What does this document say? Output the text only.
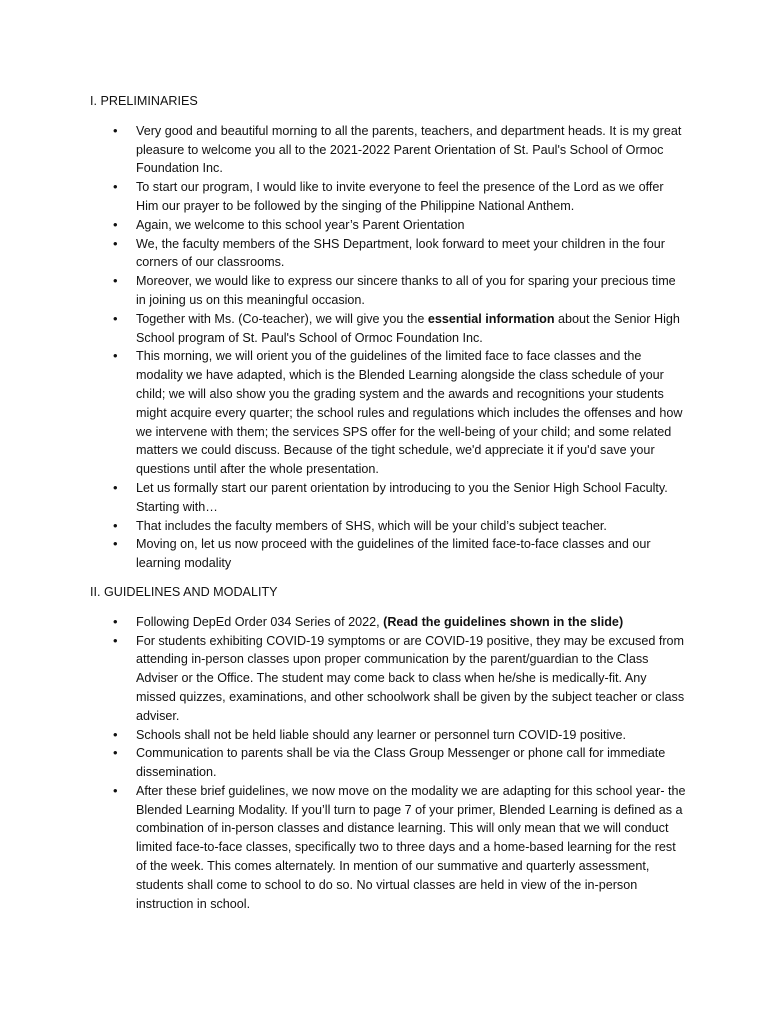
I. PRELIMINARIES
• Very good and beautiful morning to all the parents, teachers, and department heads. It is my great pleasure to welcome you all to the 2021-2022 Parent Orientation of St. Paul's School of Ormoc Foundation Inc.
• To start our program, I would like to invite everyone to feel the presence of the Lord as we offer Him our prayer to be followed by the singing of the Philippine National Anthem.
• Again, we welcome to this school year’s Parent Orientation
• We, the faculty members of the SHS Department, look forward to meet your children in the four corners of our classrooms.
• Moreover, we would like to express our sincere thanks to all of you for sparing your precious time in joining us on this meaningful occasion.
• Together with Ms. (Co-teacher), we will give you the essential information about the Senior High School program of St. Paul's School of Ormoc Foundation Inc.
• This morning, we will orient you of the guidelines of the limited face to face classes and the modality we have adapted, which is the Blended Learning alongside the class schedule of your child; we will also show you the grading system and the awards and recognitions your students might acquire every quarter; the school rules and regulations which includes the offenses and how we intervene with them; the services SPS offer for the well-being of your child; and some related matters we could discuss. Because of the tight schedule, we'd appreciate it if you'd save your questions until after the whole presentation.
• Let us formally start our parent orientation by introducing to you the Senior High School Faculty. Starting with…
• That includes the faculty members of SHS, which will be your child’s subject teacher.
• Moving on, let us now proceed with the guidelines of the limited face-to-face classes and our learning modality
II. GUIDELINES AND MODALITY
• Following DepEd Order 034 Series of 2022, (Read the guidelines shown in the slide)
• For students exhibiting COVID-19 symptoms or are COVID-19 positive, they may be excused from attending in-person classes upon proper communication by the parent/guardian to the Class Adviser or the Office. The student may come back to class when he/she is medically-fit. Any missed quizzes, examinations, and other schoolwork shall be given by the subject teacher or class adviser.
• Schools shall not be held liable should any learner or personnel turn COVID-19 positive.
• Communication to parents shall be via the Class Group Messenger or phone call for immediate dissemination.
• After these brief guidelines, we now move on the modality we are adapting for this school year- the Blended Learning Modality. If you’ll turn to page 7 of your primer, Blended Learning is defined as a combination of in-person classes and distance learning. This will only mean that we will conduct limited face-to-face classes, specifically two to three days and a home-based learning for the rest of the week. This comes alternately. In mention of our summative and quarterly assessment, students shall come to school to do so. No virtual classes are held in view of the in-person instruction in school.
